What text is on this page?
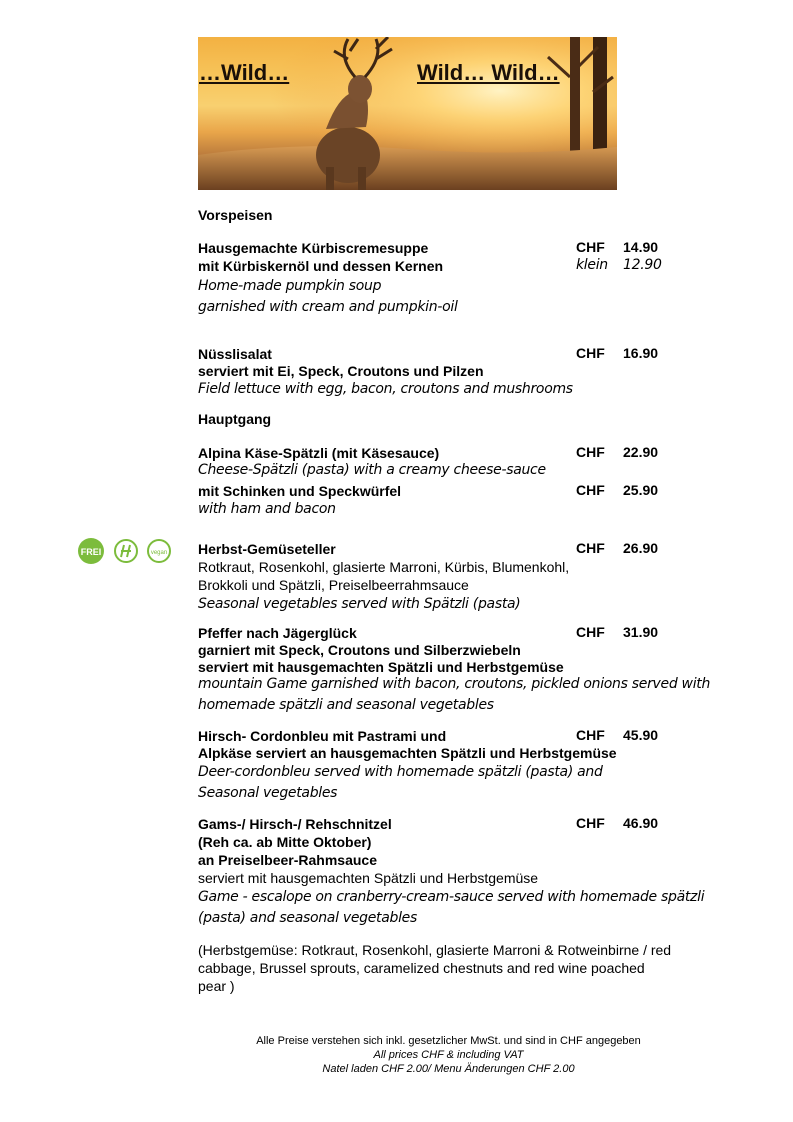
…Wild…	Wild… Wild…
Vorspeisen
Hausgemachte Kürbiscremesuppe	CHF 14.90
mit Kürbiskernöl und dessen Kernen	klein 12.90
Home-made pumpkin soup
garnished with cream and pumpkin-oil
Nüsslisalat	CHF 16.90
serviert mit Ei, Speck, Croutons und Pilzen
Field lettuce with egg, bacon, croutons and mushrooms
Hauptgang
Alpina Käse-Spätzli (mit Käsesauce)	CHF 22.90
Cheese-Spätzli (pasta) with a creamy cheese-sauce
mit Schinken und Speckwürfel	CHF 25.90
with ham and bacon
FREI	vegan Herbst-Gemüseteller	CHF 26.90
Rotkraut, Rosenkohl, glasierte Marroni, Kürbis, Blumenkohl,
Brokkoli und Spätzli, Preiselbeerrahmsauce
Seasonal vegetables served with Spätzli (pasta)
Pfeffer nach Jägerglück	CHF 31.90
garniert mit Speck, Croutons und Silberzwiebeln
serviert mit hausgemachten Spätzli und Herbstgemüse
mountain Game garnished with bacon, croutons, pickled onions served with
homemade spätzli and seasonal vegetables
Hirsch- Cordonbleu mit Pastrami und	CHF 45.90
Alpkäse serviert an hausgemachten Spätzli und Herbstgemüse
Deer-cordonbleu served with homemade spätzli (pasta) and
Seasonal vegetables
Gams-/ Hirsch-/ Rehschnitzel	CHF 46.90
(Reh ca. ab Mitte Oktober)
an Preiselbeer-Rahmsauce
serviert mit hausgemachten Spätzli und Herbstgemüse
Game - escalope on cranberry-cream-sauce served with homemade spätzli
(pasta) and seasonal vegetables
(Herbstgemüse: Rotkraut, Rosenkohl, glasierte Marroni & Rotweinbirne / red
cabbage, Brussel sprouts, caramelized chestnuts and red wine poached
pear )
Alle Preise verstehen sich inkl. gesetzlicher MwSt. und sind in CHF angegeben
All prices CHF & including VAT
Natel laden CHF 2.00/ Menu Änderungen CHF 2.00
